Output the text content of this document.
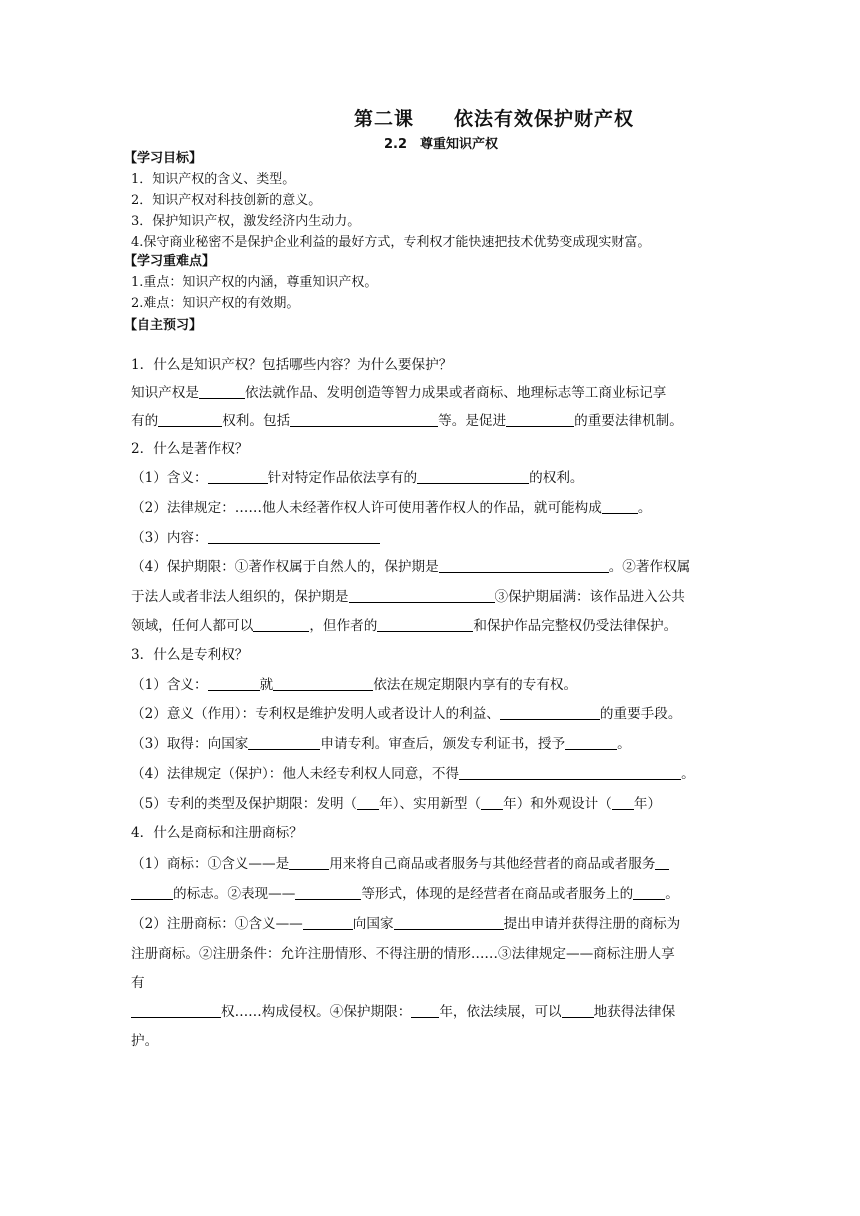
第二课　　依法有效保护财产权
2.2　尊重知识产权
【学习目标】
1．知识产权的含义、类型。
2．知识产权对科技创新的意义。
3．保护知识产权，激发经济内生动力。
4.保守商业秘密不是保护企业利益的最好方式，专利权才能快速把技术优势变成现实财富。
【学习重难点】
1.重点：知识产权的内涵，尊重知识产权。
2.难点：知识产权的有效期。
【自主预习】
1．什么是知识产权？包括哪些内容？为什么要保护？
知识产权是	依法就作品、发明创造等智力成果或者商标、地理标志等工商业标记享
有的	权利。包括	等。是促进	的重要法律机制。
2．什么是著作权？
（1）含义：	针对特定作品依法享有的	的权利。
（2）法律规定：……他人未经著作权人许可使用著作权人的作品，就可能构成	。
（3）内容：
（4）保护期限：①著作权属于自然人的，保护期是	。②著作权属
于法人或者非法人组织的，保护期是	③保护期届满：该作品进入公共
领域，任何人都可以	，但作者的	和保护作品完整权仍受法律保护。
3．什么是专利权？
（1）含义：	就	依法在规定期限内享有的专有权。
（2）意义（作用）：专利权是维护发明人或者设计人的利益、	的重要手段。
（3）取得：向国家	申请专利。审查后，颁发专利证书，授予	。
（4）法律规定（保护）：他人未经专利权人同意，不得	。
（5）专利的类型及保护期限：发明（ 年）、实用新型（ 年）和外观设计（ 年）
4．什么是商标和注册商标？
（1）商标：①含义——是	用来将自己商品或者服务与其他经营者的商品或者服务
的标志。②表现——	等形式，体现的是经营者在商品或者服务上的 。
（2）注册商标：①含义——	向国家	提出申请并获得注册的商标为
注册商标。②注册条件：允许注册情形、不得注册的情形……③法律规定——商标注册人享
有
权……构成侵权。④保护期限： 年，依法续展，可以 地获得法律保
护。
